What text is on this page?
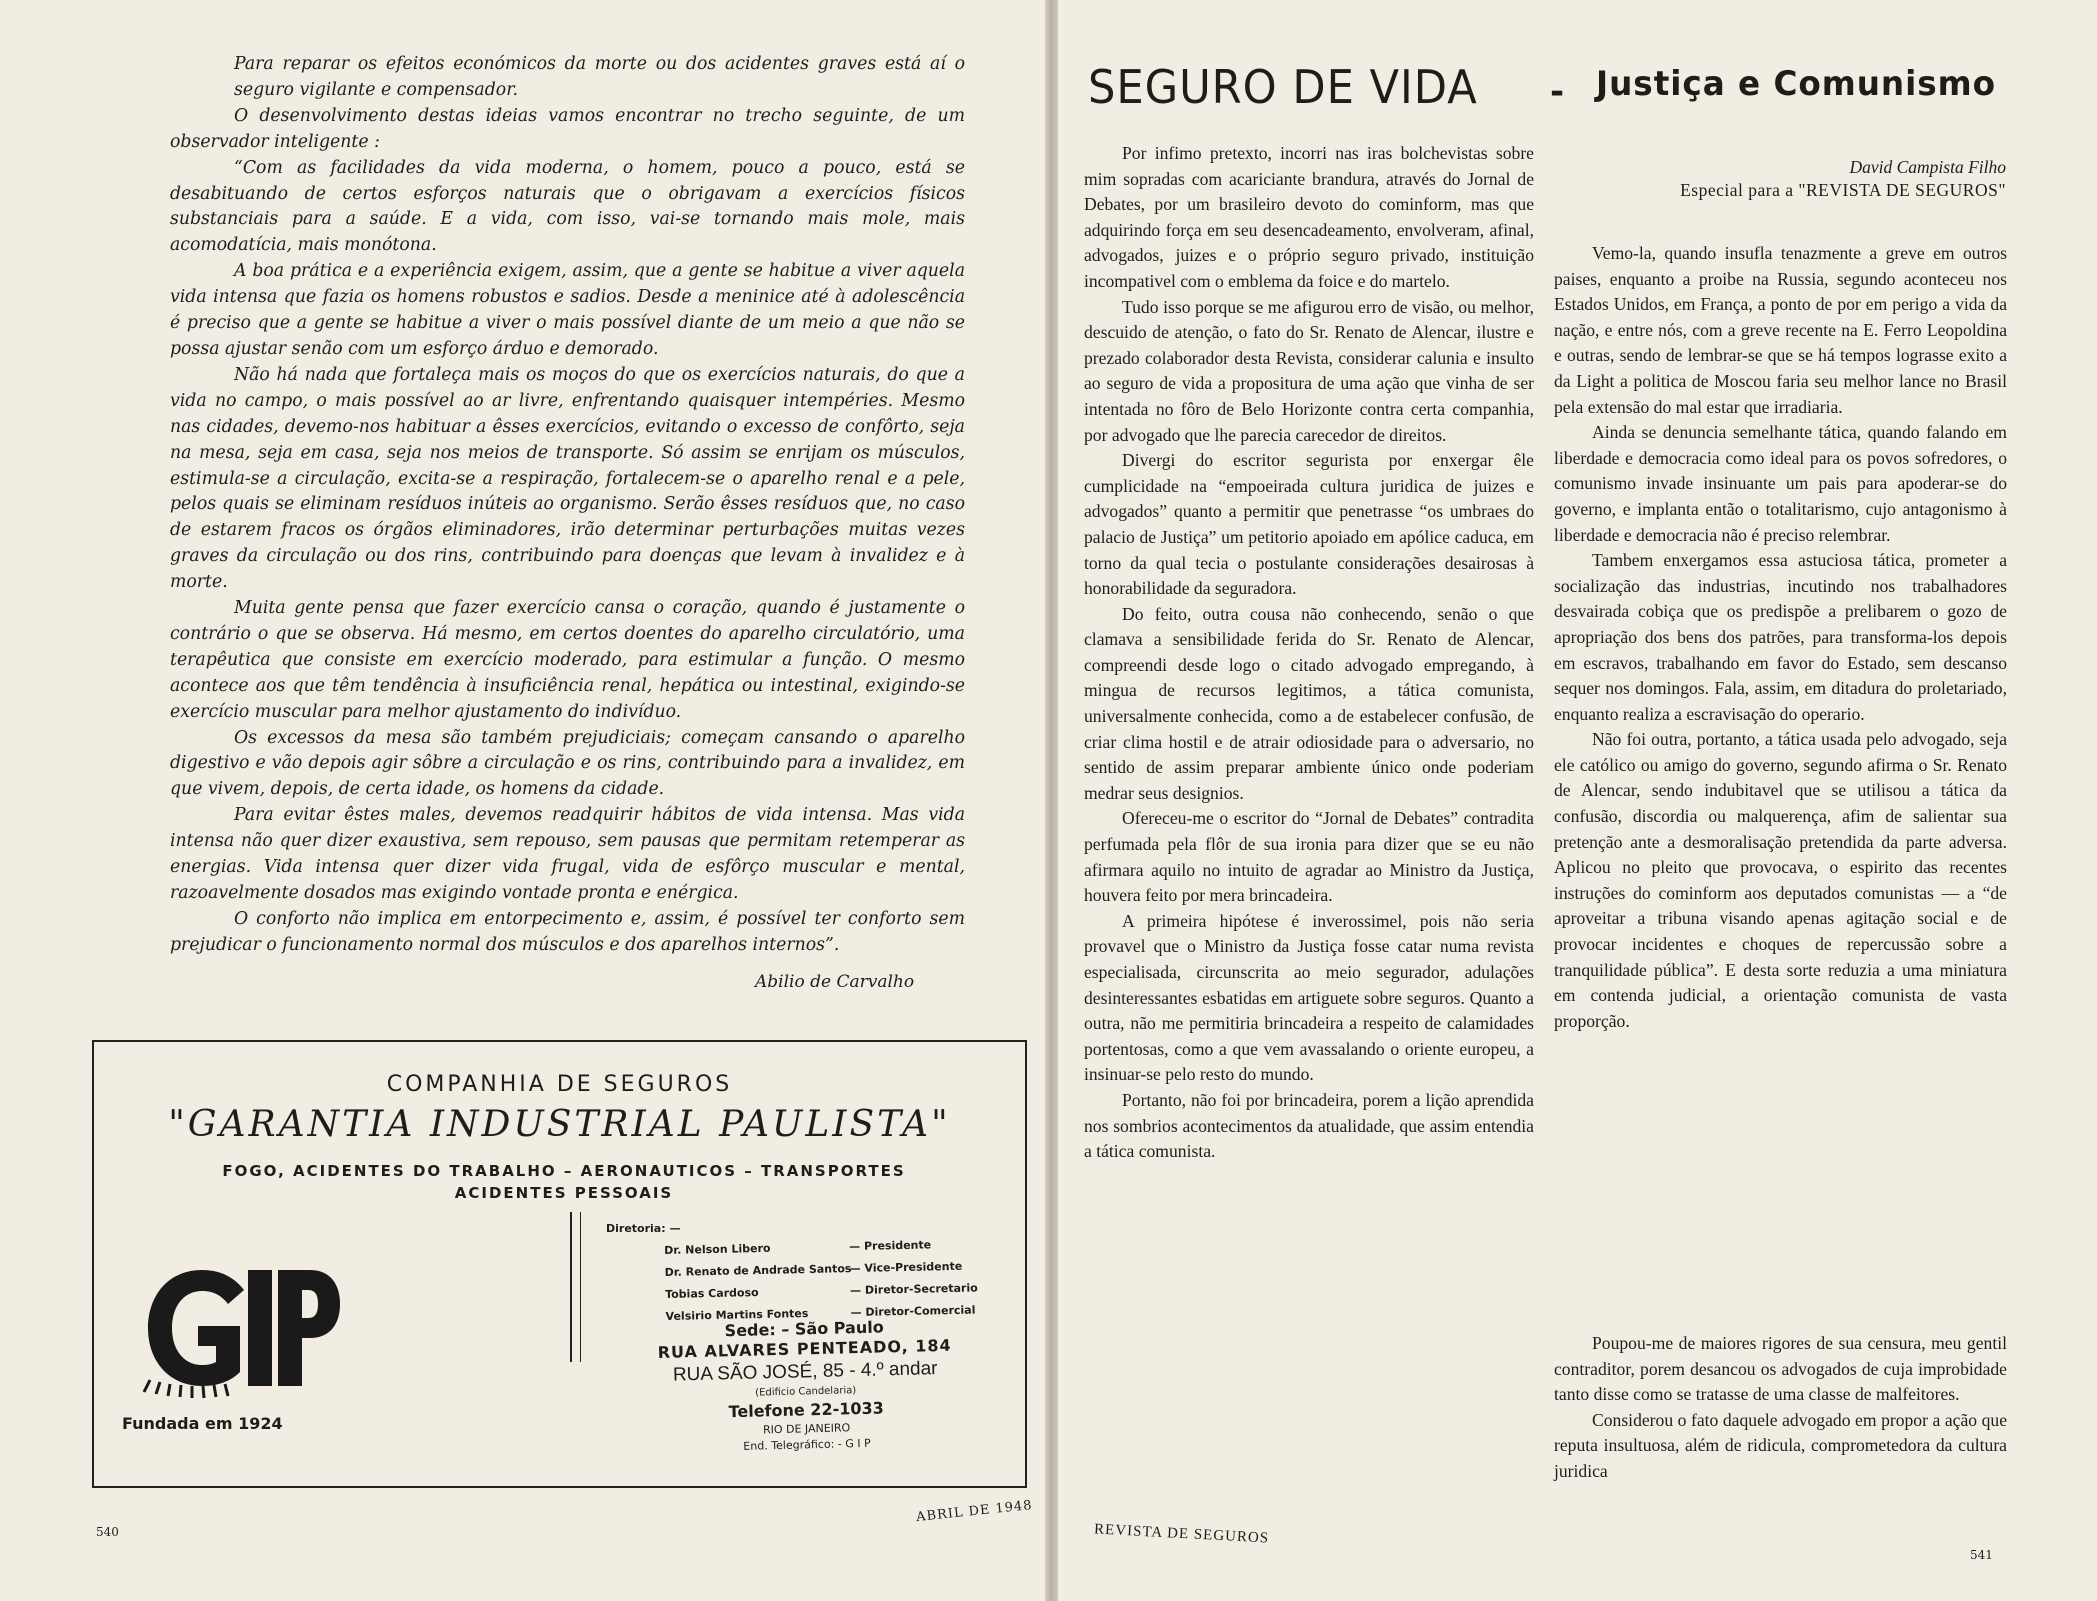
Para reparar os efeitos económicos da morte ou dos acidentes graves está aí o seguro vigilante e compensador.

O desenvolvimento destas ideias vamos encontrar no trecho seguinte, de um observador inteligente :

“Com as facilidades da vida moderna, o homem, pouco a pouco, está se desabituando de certos esforços naturais que o obrigavam a exercícios físicos substanciais para a saúde. E a vida, com isso, vai-se tornando mais mole, mais acomodatícia, mais monótona.

A boa prática e a experiência exigem, assim, que a gente se habitue a viver aquela vida intensa que fazia os homens robustos e sadios. Desde a meninice até à adolescência é preciso que a gente se habitue a viver o mais possível diante de um meio a que não se possa ajustar senão com um esforço árduo e demorado.

Não há nada que fortaleça mais os moços do que os exercícios naturais, do que a vida no campo, o mais possível ao ar livre, enfrentando quaisquer intempéries. Mesmo nas cidades, devemo-nos habituar a êsses exercícios, evitando o excesso de confôrto, seja na mesa, seja em casa, seja nos meios de transporte. Só assim se enrijam os músculos, estimula-se a circulação, excita-se a respiração, fortalecem-se o aparelho renal e a pele, pelos quais se eliminam resíduos inúteis ao organismo. Serão êsses resíduos que, no caso de estarem fracos os órgãos eliminadores, irão determinar perturbações muitas vezes graves da circulação ou dos rins, contribuindo para doenças que levam à invalidez e à morte.

Muita gente pensa que fazer exercício cansa o coração, quando é justamente o contrário o que se observa. Há mesmo, em certos doentes do aparelho circulatório, uma terapêutica que consiste em exercício moderado, para estimular a função. O mesmo acontece aos que têm tendência à insuficiência renal, hepática ou intestinal, exigindo-se exercício muscular para melhor ajustamento do indivíduo.

Os excessos da mesa são também prejudiciais; começam cansando o aparelho digestivo e vão depois agir sôbre a circulação e os rins, contribuindo para a invalidez, em que vivem, depois, de certa idade, os homens da cidade.

Para evitar êstes males, devemos readquirir hábitos de vida intensa. Mas vida intensa não quer dizer exaustiva, sem repouso, sem pausas que permitam retemperar as energias. Vida intensa quer dizer vida frugal, vida de esfôrço muscular e mental, razoavelmente dosados mas exigindo vontade pronta e enérgica.

O conforto não implica em entorpecimento e, assim, é possível ter conforto sem prejudicar o funcionamento normal dos músculos e dos aparelhos internos”.

Abilio de Carvalho
COMPANHIA DE SEGUROS
"GARANTIA INDUSTRIAL PAULISTA"
FOGO, ACIDENTES DO TRABALHO – AERONAUTICOS – TRANSPORTES
ACIDENTES PESSOAIS
GIP
Fundada em 1924
Diretoria: —
Dr. Nelson Libero	— Presidente
Dr. Renato de Andrade Santos— Vice-Presidente
Tobias Cardoso	— Diretor-Secretario
Velsirio Martins Fontes	— Diretor-Comercial
Sede: – São Paulo
RUA ALVARES PENTEADO, 184
RUA SÃO JOSÉ, 85 - 4.º andar
(Edificio Candelaria)
Telefone 22-1033
RIO DE JANEIRO
End. Telegráfico: - G I P
540
ABRIL DE 1948
SEGURO DE VIDA - Justiça e Comunismo

Por infimo pretexto, incorri nas iras bolchevistas sobre mim sopradas com acariciante brandura, através do Jornal de Debates, por um brasileiro devoto do cominform, mas que adquirindo força em seu desencadeamento, envolveram, afinal, advogados, juizes e o próprio seguro privado, instituição incompativel com o emblema da foice e do martelo.

Tudo isso porque se me afigurou erro de visão, ou melhor, descuido de atenção, o fato do Sr. Renato de Alencar, ilustre e prezado colaborador desta Revista, considerar calunia e insulto ao seguro de vida a propositura de uma ação que vinha de ser intentada no fôro de Belo Horizonte contra certa companhia, por advogado que lhe parecia carecedor de direitos.

Divergi do escritor segurista por enxergar êle cumplicidade na “empoeirada cultura juridica de juizes e advogados” quanto a permitir que penetrasse “os umbraes do palacio de Justiça” um petitorio apoiado em apólice caduca, em torno da qual tecia o postulante considerações desairosas à honorabilidade da seguradora.

Do feito, outra cousa não conhecendo, senão o que clamava a sensibilidade ferida do Sr. Renato de Alencar, compreendi desde logo o citado advogado empregando, à mingua de recursos legitimos, a tática comunista, universalmente conhecida, como a de estabelecer confusão, de criar clima hostil e de atrair odiosidade para o adversario, no sentido de assim preparar ambiente único onde poderiam medrar seus designios.

Ofereceu-me o escritor do “Jornal de Debates” contradita perfumada pela flôr de sua ironia para dizer que se eu não afirmara aquilo no intuito de agradar ao Ministro da Justiça, houvera feito por mera brincadeira.

A primeira hipótese é inverossimel, pois não seria provavel que o Ministro da Justiça fosse catar numa revista especialisada, circunscrita ao meio segurador, adulações desinteressantes esbatidas em artiguete sobre seguros. Quanto a outra, não me permitiria brincadeira a respeito de calamidades portentosas, como a que vem avassalando o oriente europeu, a insinuar-se pelo resto do mundo.

Portanto, não foi por brincadeira, porem a lição aprendida nos sombrios acontecimentos da atualidade, que assim entendia a tática comunista.

David Campista Filho
Especial para a "REVISTA DE SEGUROS"

Vemo-la, quando insufla tenazmente a greve em outros paises, enquanto a proibe na Russia, segundo aconteceu nos Estados Unidos, em França, a ponto de por em perigo a vida da nação, e entre nós, com a greve recente na E. Ferro Leopoldina e outras, sendo de lembrar-se que se há tempos lograsse exito a da Light a politica de Moscou faria seu melhor lance no Brasil pela extensão do mal estar que irradiaria.

Ainda se denuncia semelhante tática, quando falando em liberdade e democracia como ideal para os povos sofredores, o comunismo invade insinuante um pais para apoderar-se do governo, e implanta então o totalitarismo, cujo antagonismo à liberdade e democracia não é preciso relembrar.

Tambem enxergamos essa astuciosa tática, prometer a socialização das industrias, incutindo nos trabalhadores desvairada cobiça que os predispõe a prelibarem o gozo de apropriação dos bens dos patrões, para transforma-los depois em escravos, trabalhando em favor do Estado, sem descanso sequer nos domingos. Fala, assim, em ditadura do proletariado, enquanto realiza a escravisação do operario.

Não foi outra, portanto, a tática usada pelo advogado, seja ele católico ou amigo do governo, segundo afirma o Sr. Renato de Alencar, sendo indubitavel que se utilisou a tática da confusão, discordia ou malquerença, afim de salientar sua pretenção ante a desmoralisação pretendida da parte adversa. Aplicou no pleito que provocava, o espirito das recentes instruções do cominform aos deputados comunistas — a “de aproveitar a tribuna visando apenas agitação social e de provocar incidentes e choques de repercussão sobre a tranquilidade pública”. E desta sorte reduzia a uma miniatura em contenda judicial, a orientação comunista de vasta proporção.

Poupou-me de maiores rigores de sua censura, meu gentil contraditor, porem desancou os advogados de cuja improbidade tanto disse como se tratasse de uma classe de malfeitores.

Considerou o fato daquele advogado em propor a ação que reputa insultuosa, além de ridicula, comprometedora da cultura juridica

REVISTA DE SEGUROS
541
